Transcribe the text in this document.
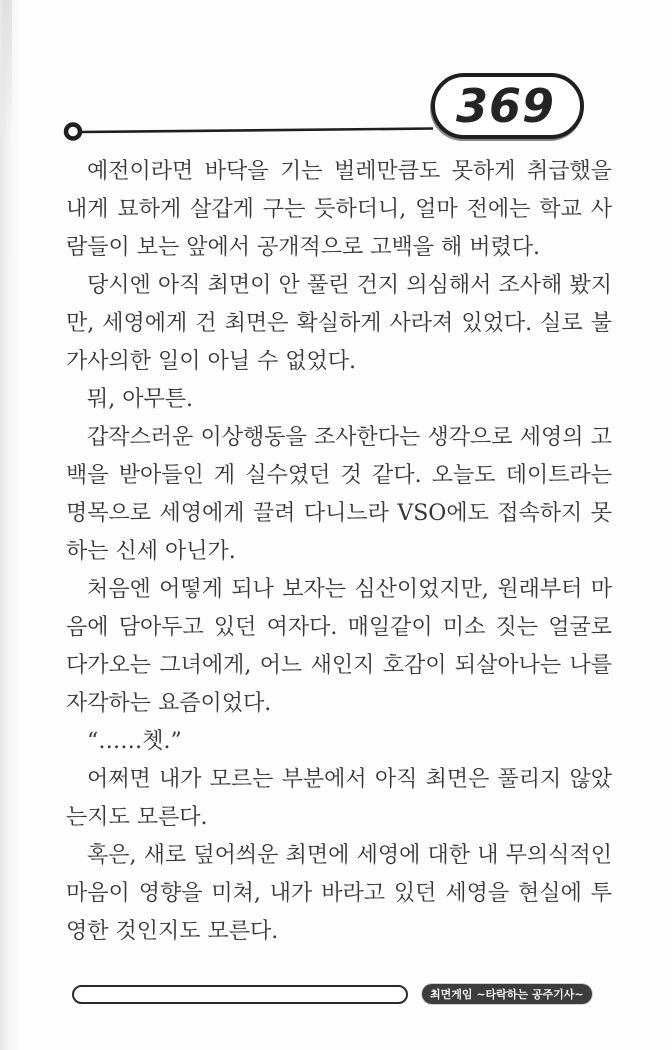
369

예전이라면 바닥을 기는 벌레만큼도 못하게 취급했을 내게 묘하게 살갑게 구는 듯하더니, 얼마 전에는 학교 사람들이 보는 앞에서 공개적으로 고백을 해 버렸다.

당시엔 아직 최면이 안 풀린 건지 의심해서 조사해 봤지만, 세영에게 건 최면은 확실하게 사라져 있었다. 실로 불가사의한 일이 아닐 수 없었다.

뭐, 아무튼.

갑작스러운 이상행동을 조사한다는 생각으로 세영의 고백을 받아들인 게 실수였던 것 같다. 오늘도 데이트라는 명목으로 세영에게 끌려 다니느라 VSO에도 접속하지 못하는 신세 아닌가.

처음엔 어떻게 되나 보자는 심산이었지만, 원래부터 마음에 담아두고 있던 여자다. 매일같이 미소 짓는 얼굴로 다가오는 그녀에게, 어느 새인지 호감이 되살아나는 나를 자각하는 요즘이었다.

“……쳇.”

어쩌면 내가 모르는 부분에서 아직 최면은 풀리지 않았는지도 모른다.

혹은, 새로 덮어씌운 최면에 세영에 대한 내 무의식적인 마음이 영향을 미쳐, 내가 바라고 있던 세영을 현실에 투영한 것인지도 모른다.

최면게임 ~타락하는 공주기사~
